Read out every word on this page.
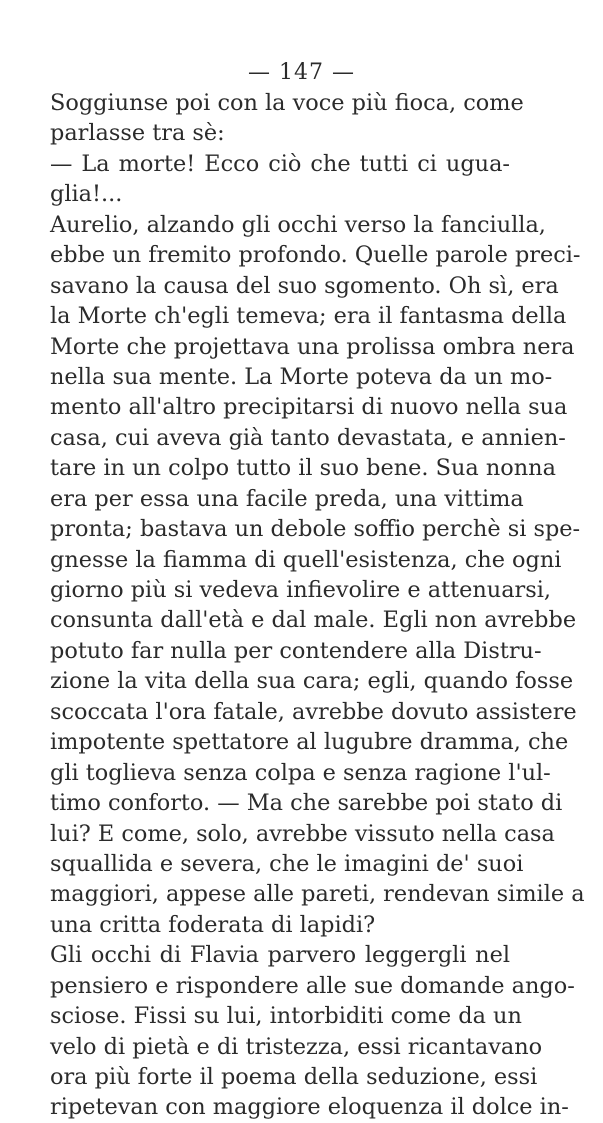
— 147 —
Soggiunse poi con la voce più fioca, come
parlasse tra sè:
— La morte! Ecco ciò che tutti ci ugua-
glia!...
Aurelio, alzando gli occhi verso la fanciulla,
ebbe un fremito profondo. Quelle parole preci-
savano la causa del suo sgomento. Oh sì, era
la Morte ch'egli temeva; era il fantasma della
Morte che projettava una prolissa ombra nera
nella sua mente. La Morte poteva da un mo-
mento all'altro precipitarsi di nuovo nella sua
casa, cui aveva già tanto devastata, e annien-
tare in un colpo tutto il suo bene. Sua nonna
era per essa una facile preda, una vittima
pronta; bastava un debole soffio perchè si spe-
gnesse la fiamma di quell'esistenza, che ogni
giorno più si vedeva infievolire e attenuarsi,
consunta dall'età e dal male. Egli non avrebbe
potuto far nulla per contendere alla Distru-
zione la vita della sua cara; egli, quando fosse
scoccata l'ora fatale, avrebbe dovuto assistere
impotente spettatore al lugubre dramma, che
gli toglieva senza colpa e senza ragione l'ul-
timo conforto. — Ma che sarebbe poi stato di
lui? E come, solo, avrebbe vissuto nella casa
squallida e severa, che le imagini de' suoi
maggiori, appese alle pareti, rendevan simile a
una critta foderata di lapidi?
Gli occhi di Flavia parvero leggergli nel
pensiero e rispondere alle sue domande ango-
sciose. Fissi su lui, intorbiditi come da un
velo di pietà e di tristezza, essi ricantavano
ora più forte il poema della seduzione, essi
ripetevan con maggiore eloquenza il dolce in-
